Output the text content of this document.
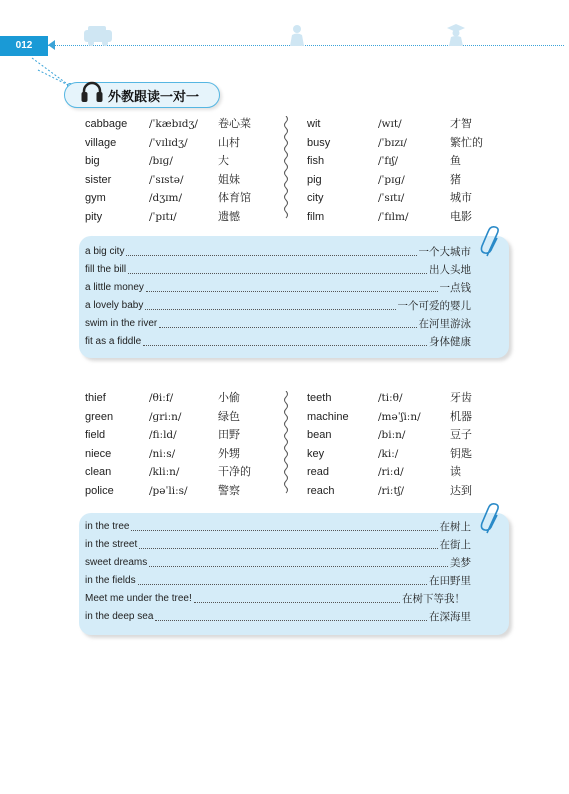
012
外教跟读一对一
cabbage /ˈkæbɪdʒ/ 卷心菜
village	/ˈvɪlɪdʒ/	山村
big	/bɪɡ/	大
sister	/ˈsɪstə/	姐妹
gym	/dʒɪm/	体育馆
pity	/ˈpɪtɪ/	遗憾
wit	/wɪt/	才智
busy	/ˈbɪzɪ/	繁忙的
fish	/ˈfɪʃ/	鱼
pig	/ˈpɪɡ/	猪
city	/ˈsɪtɪ/	城市
film	/ˈfɪlm/	电影
a big city	一个大城市
fill the bill	出人头地
a little money	一点钱
a lovely baby	一个可爱的婴儿
swim in the river	在河里游泳
fit as a fiddle	身体健康
thief	/θiːf/	小偷
green	/ɡriːn/	绿色
field	/fiːld/	田野
niece	/niːs/	外甥
clean	/kliːn/	干净的
police	/pəˈliːs/	警察
teeth	/tiːθ/	牙齿
machine	/məˈʃiːn/	机器
bean	/biːn/	豆子
key	/kiː/	钥匙
read	/riːd/	读
reach	/riːtʃ/	达到
in the tree	在树上
in the street	在街上
sweet dreams	美梦
in the fields	在田野里
Meet me under the tree!	在树下等我！
in the deep sea	在深海里
